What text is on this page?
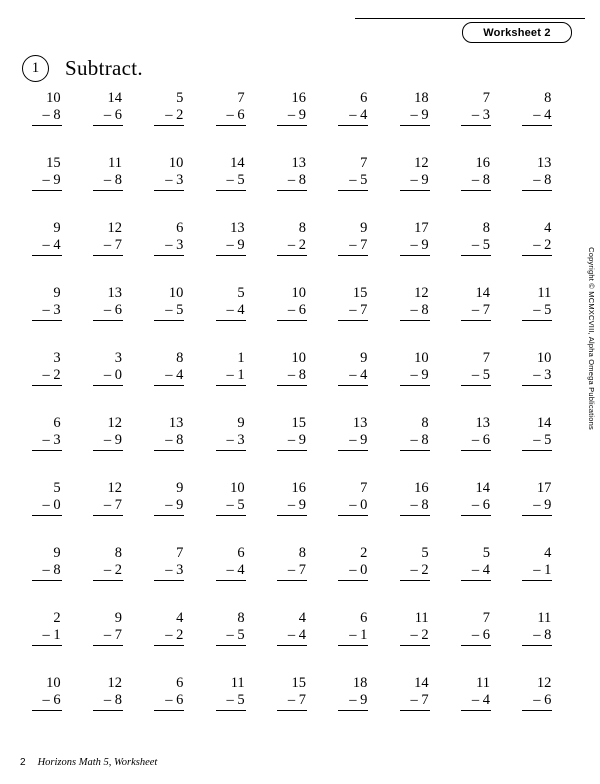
Worksheet 2
1	Subtract.
10
– 8
14
– 6
5
– 2
7
– 6
16
– 9
6
– 4
18
– 9
7
– 3
8
– 4
15
– 9
11
– 8
10
– 3
14
– 5
13
– 8
7
– 5
12
– 9
16
– 8
13
– 8
9
– 4
12
– 7
6
– 3
13
– 9
8
– 2
9
– 7
17
– 9
8
– 5
4
– 2
9
– 3
13
– 6
10
– 5
5
– 4
10
– 6
15
– 7
12
– 8
14
– 7
11
– 5
3
– 2
3
– 0
8
– 4
1
– 1
10
– 8
9
– 4
10
– 9
7
– 5
10
– 3
6
– 3
12
– 9
13
– 8
9
– 3
15
– 9
13
– 9
8
– 8
13
– 6
14
– 5
5
– 0
12
– 7
9
– 9
10
– 5
16
– 9
7
– 0
16
– 8
14
– 6
17
– 9
9
– 8
8
– 2
7
– 3
6
– 4
8
– 7
2
– 0
5
– 2
5
– 4
4
– 1
2
– 1
9
– 7
4
– 2
8
– 5
4
– 4
6
– 1
11
– 2
7
– 6
11
– 8
10
– 6
12
– 8
6
– 6
11
– 5
15
– 7
18
– 9
14
– 7
11
– 4
12
– 6
Copyright © MCMXCVIII, Alpha Omega Publications
2 Horizons Math 5, Worksheet
